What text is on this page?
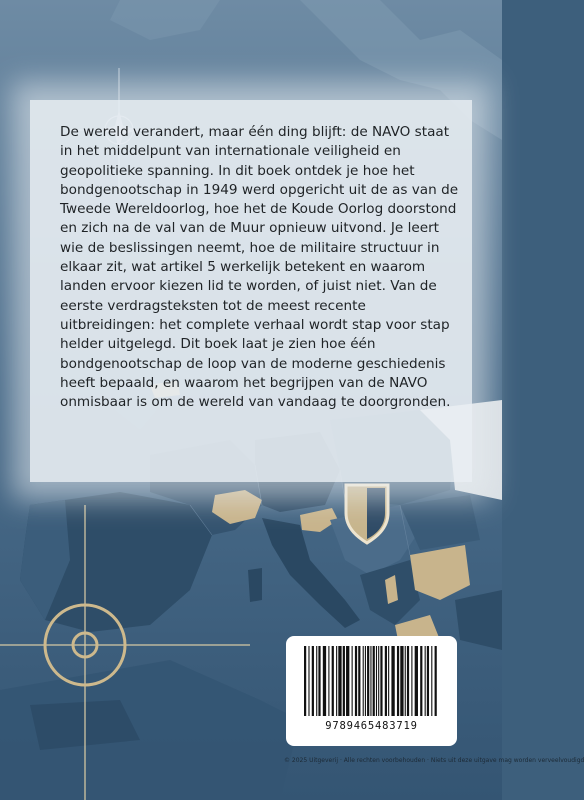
De wereld verandert, maar één ding blijft: de NAVO staat in het middelpunt van internationale veiligheid en geopolitieke spanning. In dit boek ontdek je hoe het bondgenootschap in 1949 werd opgericht uit de as van de Tweede Wereldoorlog, hoe het de Koude Oorlog doorstond en zich na de val van de Muur opnieuw uitvond. Je leert wie de beslissingen neemt, hoe de militaire structuur in elkaar zit, wat artikel 5 werkelijk betekent en waarom landen ervoor kiezen lid te worden, of juist niet. Van de eerste verdragsteksten tot de meest recente uitbreidingen: het complete verhaal wordt stap voor stap helder uitgelegd. Dit boek laat je zien hoe één bondgenootschap de loop van de moderne geschiedenis heeft bepaald, en waarom het begrijpen van de NAVO onmisbaar is om de wereld van vandaag te doorgronden.

9789465483719
© 2025 Uitgeverij · Alle rechten voorbehouden · Niets uit deze uitgave mag worden verveelvoudigd
